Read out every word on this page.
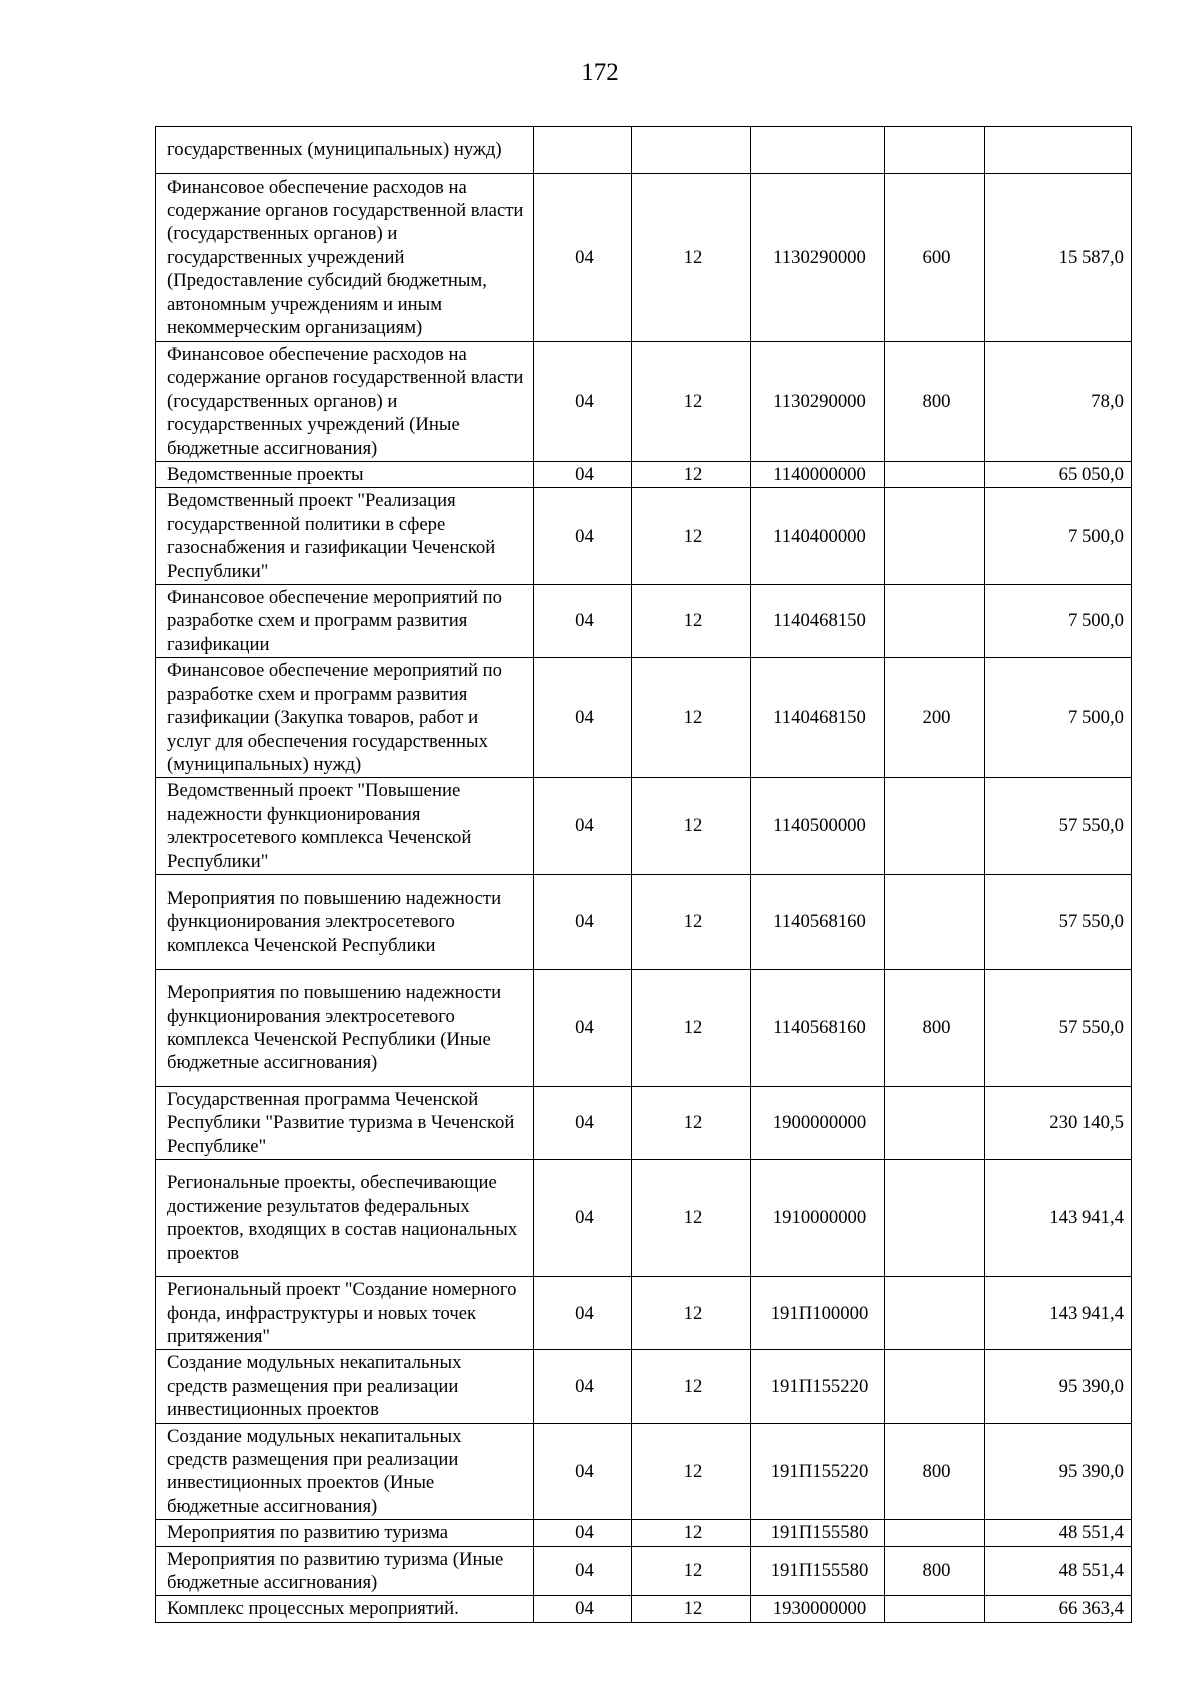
172
государственных (муниципальных) нужд)					
Финансовое обеспечение расходов на содержание органов государственной власти (государственных органов) и государственных учреждений (Предоставление субсидий бюджетным, автономным учреждениям и иным некоммерческим организациям)	04	12	1130290000	600	15 587,0
Финансовое обеспечение расходов на содержание органов государственной власти (государственных органов) и государственных учреждений (Иные бюджетные ассигнования)	04	12	1130290000	800	78,0
Ведомственные проекты	04	12	1140000000		65 050,0
Ведомственный проект "Реализация государственной политики в сфере газоснабжения и газификации Чеченской Республики"	04	12	1140400000		7 500,0
Финансовое обеспечение мероприятий по разработке схем и программ развития газификации	04	12	1140468150		7 500,0
Финансовое обеспечение мероприятий по разработке схем и программ развития газификации (Закупка товаров, работ и услуг для обеспечения государственных (муниципальных) нужд)	04	12	1140468150	200	7 500,0
Ведомственный проект "Повышение надежности функционирования электросетевого комплекса Чеченской Республики"	04	12	1140500000		57 550,0
Мероприятия по повышению надежности функционирования электросетевого комплекса Чеченской Республики	04	12	1140568160		57 550,0
Мероприятия по повышению надежности функционирования электросетевого комплекса Чеченской Республики (Иные бюджетные ассигнования)	04	12	1140568160	800	57 550,0
Государственная программа Чеченской Республики "Развитие туризма в Чеченской Республике"	04	12	1900000000		230 140,5
Региональные проекты, обеспечивающие достижение результатов федеральных проектов, входящих в состав национальных проектов	04	12	1910000000		143 941,4
Региональный проект "Создание номерного фонда, инфраструктуры и новых точек притяжения"	04	12	191П100000		143 941,4
Создание модульных некапитальных средств размещения при реализации инвестиционных проектов	04	12	191П155220		95 390,0
Создание модульных некапитальных средств размещения при реализации инвестиционных проектов (Иные бюджетные ассигнования)	04	12	191П155220	800	95 390,0
Мероприятия по развитию туризма	04	12	191П155580		48 551,4
Мероприятия по развитию туризма (Иные бюджетные ассигнования)	04	12	191П155580	800	48 551,4
Комплекс процессных мероприятий.	04	12	1930000000		66 363,4
